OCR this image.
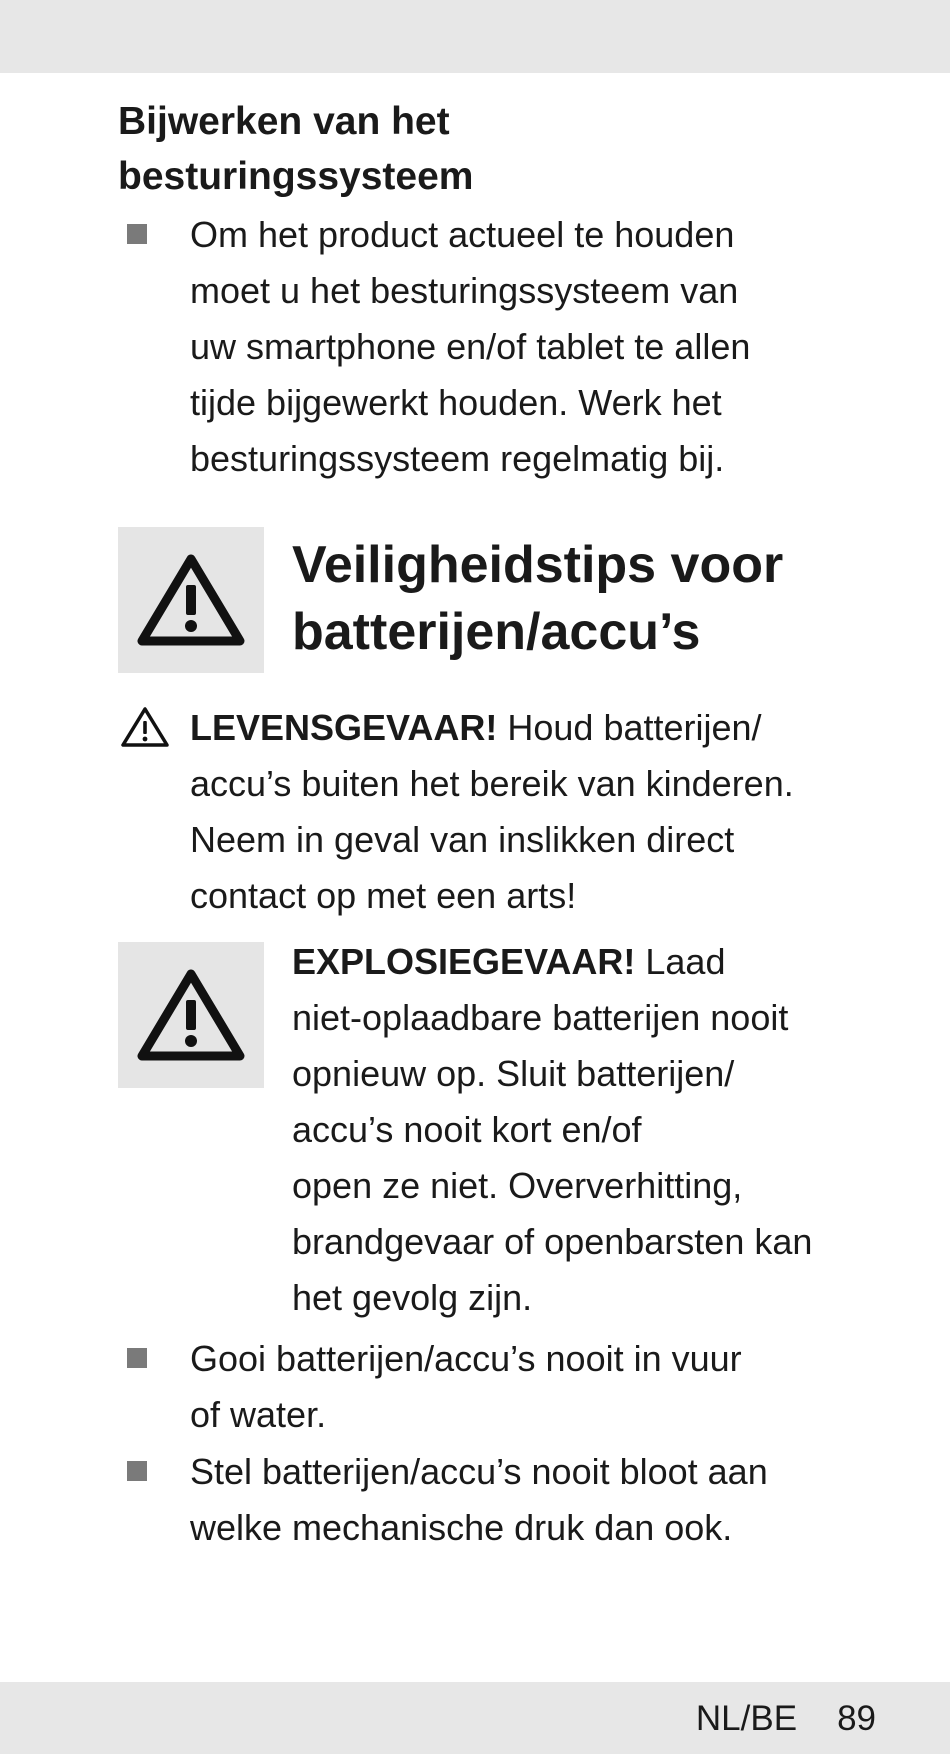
Bijwerken van het
besturingssysteem

Om het product actueel te houden
moet u het besturingssysteem van
uw smartphone en/of tablet te allen
tijde bijgewerkt houden. Werk het
besturingssysteem regelmatig bij.

Veiligheidstips voor
batterijen/accu’s

LEVENSGEVAAR! Houd batterijen/
accu’s buiten het bereik van kinderen.
Neem in geval van inslikken direct
contact op met een arts!

EXPLOSIEGEVAAR! Laad
niet-oplaadbare batterijen nooit
opnieuw op. Sluit batterijen/
accu’s nooit kort en/of
open ze niet. Oververhitting,
brandgevaar of openbarsten kan
het gevolg zijn.

Gooi batterijen/accu’s nooit in vuur
of water.

Stel batterijen/accu’s nooit bloot aan
welke mechanische druk dan ook.

NL/BE 89
